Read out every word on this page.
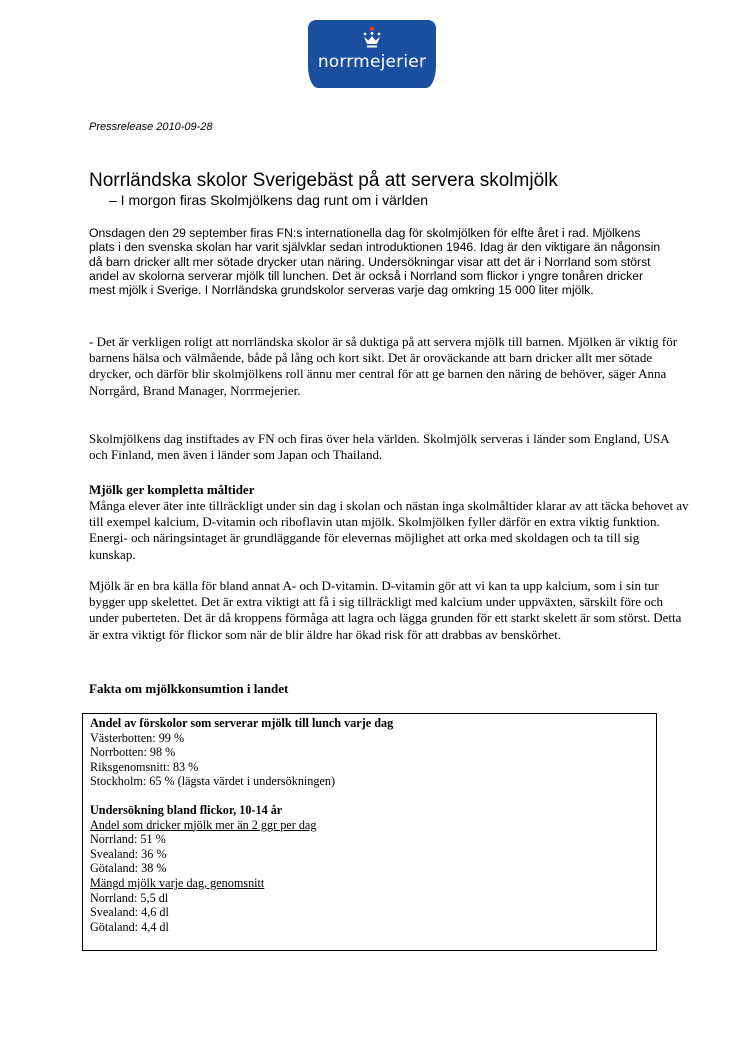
norrmejerier
Pressrelease 2010-09-28
Norrländska skolor Sverigebäst på att servera skolmjölk
– I morgon firas Skolmjölkens dag runt om i världen

Onsdagen den 29 september firas FN:s internationella dag för skolmjölken för elfte året i rad. Mjölkens plats i den svenska skolan har varit självklar sedan introduktionen 1946. Idag är den viktigare än någonsin då barn dricker allt mer sötade drycker utan näring. Undersökningar visar att det är i Norrland som störst andel av skolorna serverar mjölk till lunchen. Det är också i Norrland som flickor i yngre tonåren dricker mest mjölk i Sverige. I Norrländska grundskolor serveras varje dag omkring 15 000 liter mjölk.

- Det är verkligen roligt att norrländska skolor är så duktiga på att servera mjölk till barnen. Mjölken är viktig för barnens hälsa och välmående, både på lång och kort sikt. Det är oroväckande att barn dricker allt mer sötade drycker, och därför blir skolmjölkens roll ännu mer central för att ge barnen den näring de behöver, säger Anna Norrgård, Brand Manager, Norrmejerier.

Skolmjölkens dag instiftades av FN och firas över hela världen. Skolmjölk serveras i länder som England, USA och Finland, men även i länder som Japan och Thailand.

Mjölk ger kompletta måltider

Många elever äter inte tillräckligt under sin dag i skolan och nästan inga skolmåltider klarar av att täcka behovet av till exempel kalcium, D-vitamin och riboflavin utan mjölk. Skolmjölken fyller därför en extra viktig funktion. Energi- och näringsintaget är grundläggande för elevernas möjlighet att orka med skoldagen och ta till sig kunskap.

Mjölk är en bra källa för bland annat A- och D-vitamin. D-vitamin gör att vi kan ta upp kalcium, som i sin tur bygger upp skelettet. Det är extra viktigt att få i sig tillräckligt med kalcium under uppväxten, särskilt före och under puberteten. Det är då kroppens förmåga att lagra och lägga grunden för ett starkt skelett är som störst. Detta är extra viktigt för flickor som när de blir äldre har ökad risk för att drabbas av benskörhet.

Fakta om mjölkkonsumtion i landet

Andel av förskolor som serverar mjölk till lunch varje dag
Västerbotten: 99 %
Norrbotten: 98 %
Riksgenomsnitt: 83 %
Stockholm: 65 % (lägsta värdet i undersökningen)
Undersökning bland flickor, 10-14 år
Andel som dricker mjölk mer än 2 ggr per dag
Norrland: 51 %
Svealand: 36 %
Götaland: 38 %
Mängd mjölk varje dag, genomsnitt
Norrland: 5,5 dl
Svealand: 4,6 dl
Götaland: 4,4 dl
